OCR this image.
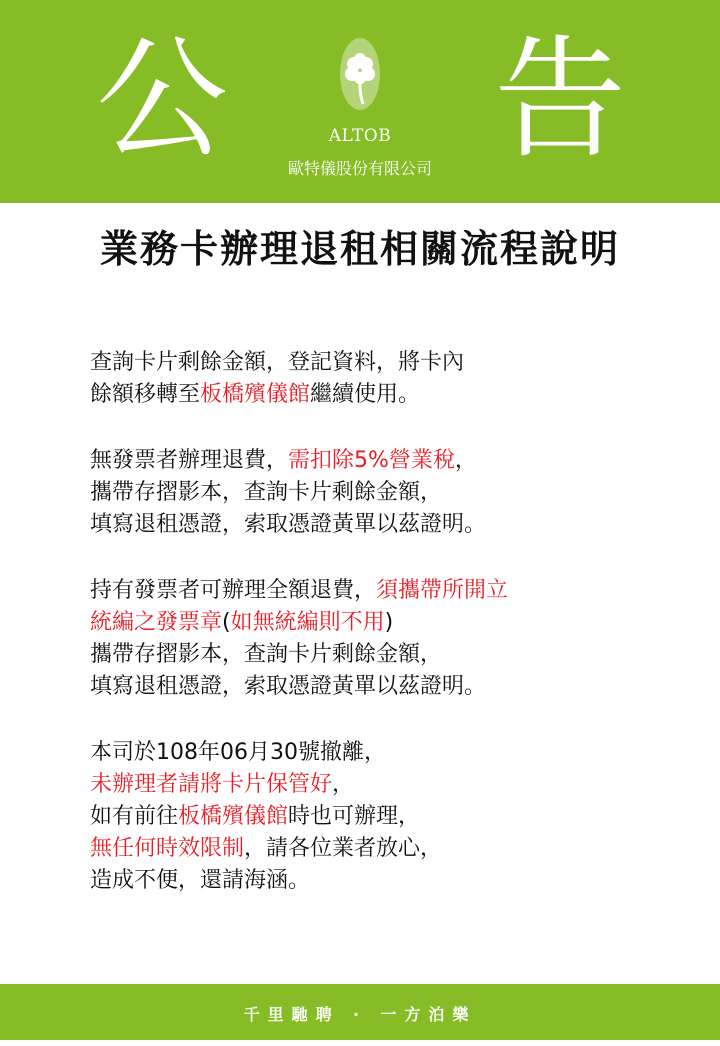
公	ALTOB
歐特儀股份有限公司 告
業務卡辦理退租相關流程說明
查詢卡片剩餘金額，登記資料，將卡內
餘額移轉至板橋殯儀館繼續使用。
無發票者辦理退費，需扣除5%營業稅，
攜帶存摺影本，查詢卡片剩餘金額，
填寫退租憑證，索取憑證黃單以茲證明。
持有發票者可辦理全額退費，須攜帶所開立
統編之發票章(如無統編則不用)
攜帶存摺影本，查詢卡片剩餘金額，
填寫退租憑證，索取憑證黃單以茲證明。
本司於108年06月30號撤離，
未辦理者請將卡片保管好，
如有前往板橋殯儀館時也可辦理，
無任何時效限制，請各位業者放心，
造成不便，還請海涵。
千里馳聘 ‧ 一方泊樂
